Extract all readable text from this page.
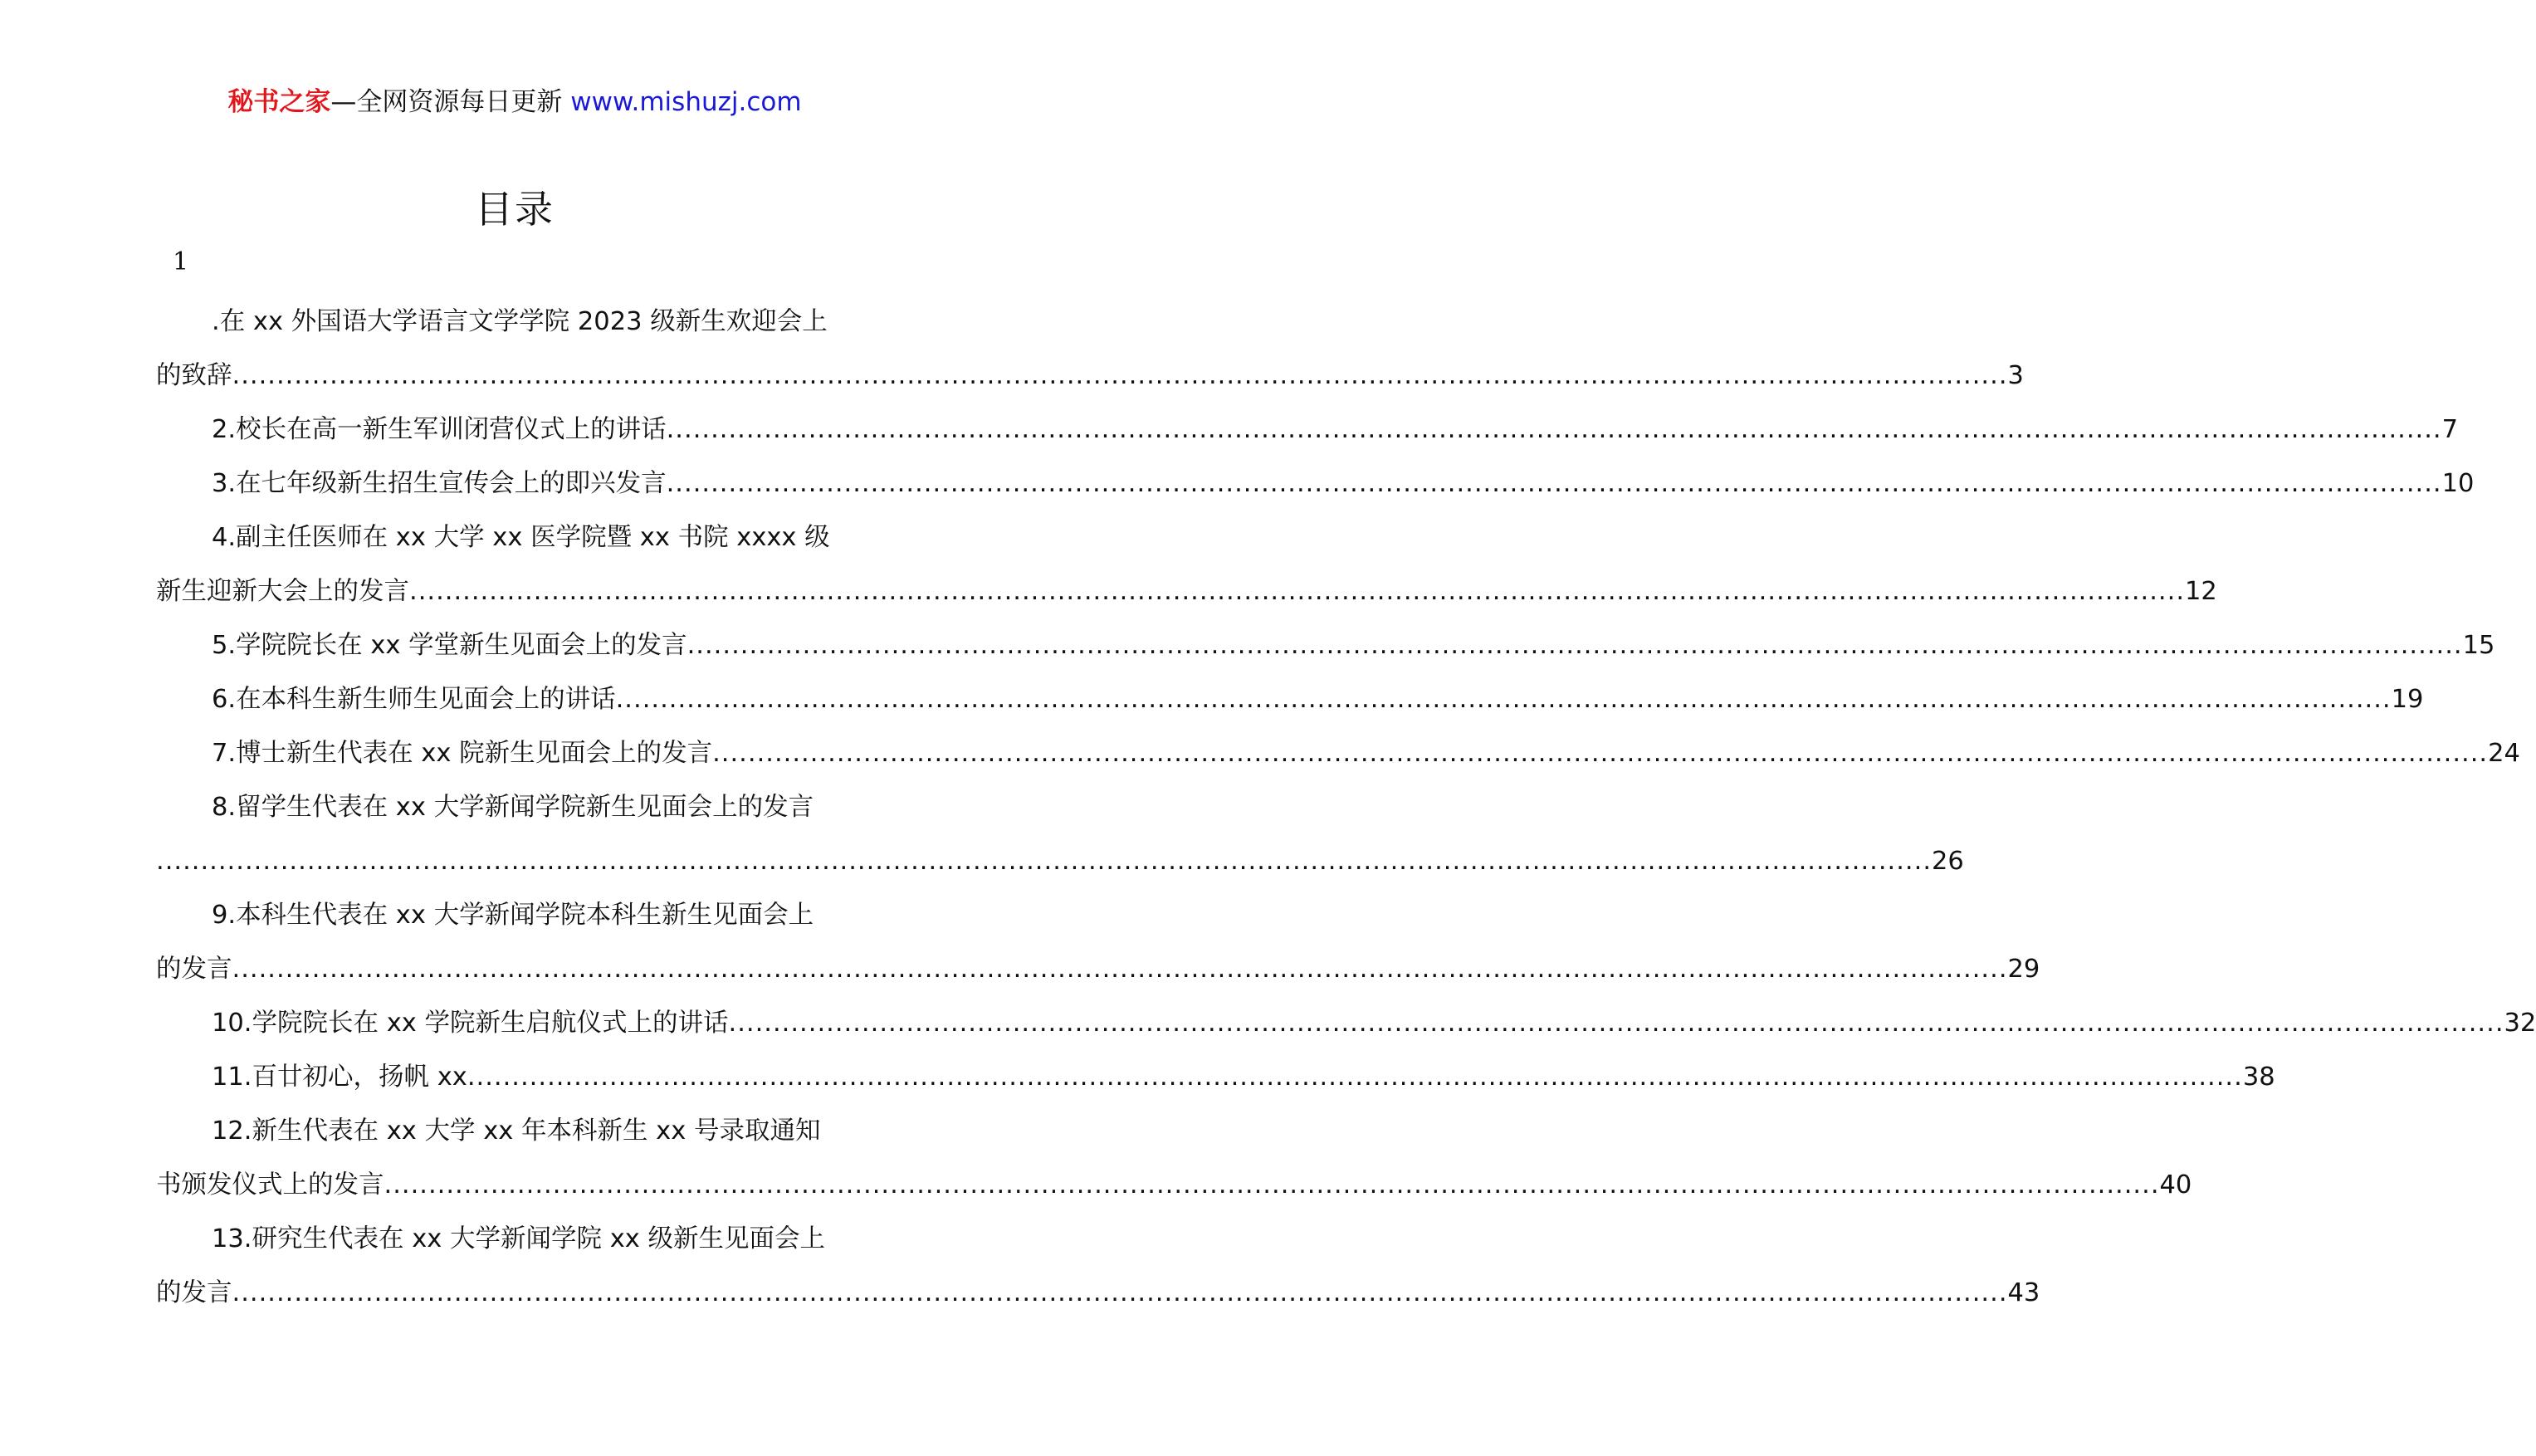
秘书之家—全网资源每日更新 www.mishuzj.com
目录
1
.在 xx 外国语大学语言文学学院 2023 级新生欢迎会上
的致辞 ........................................................................................................................................................................................................ 3
2.校长在高一新生军训闭营仪式上的讲话 ........................................................................................................................................................................................................ 7
3.在七年级新生招生宣传会上的即兴发言 ........................................................................................................................................................................................................ 10
4.副主任医师在 xx 大学 xx 医学院暨 xx 书院 xxxx 级
新生迎新大会上的发言 ........................................................................................................................................................................................................ 12
5.学院院长在 xx 学堂新生见面会上的发言 ........................................................................................................................................................................................................ 15
6.在本科生新生师生见面会上的讲话 ........................................................................................................................................................................................................ 19
7.博士新生代表在 xx 院新生见面会上的发言 ........................................................................................................................................................................................................ 24
8.留学生代表在 xx 大学新闻学院新生见面会上的发言
........................................................................................................................................................................................................ 26
9.本科生代表在 xx 大学新闻学院本科生新生见面会上
的发言 ........................................................................................................................................................................................................ 29
10.学院院长在 xx 学院新生启航仪式上的讲话 ........................................................................................................................................................................................................ 32
11.百廿初心，扬帆 xx ........................................................................................................................................................................................................ 38
12.新生代表在 xx 大学 xx 年本科新生 xx 号录取通知
书颁发仪式上的发言 ........................................................................................................................................................................................................ 40
13.研究生代表在 xx 大学新闻学院 xx 级新生见面会上
的发言 ........................................................................................................................................................................................................ 43
